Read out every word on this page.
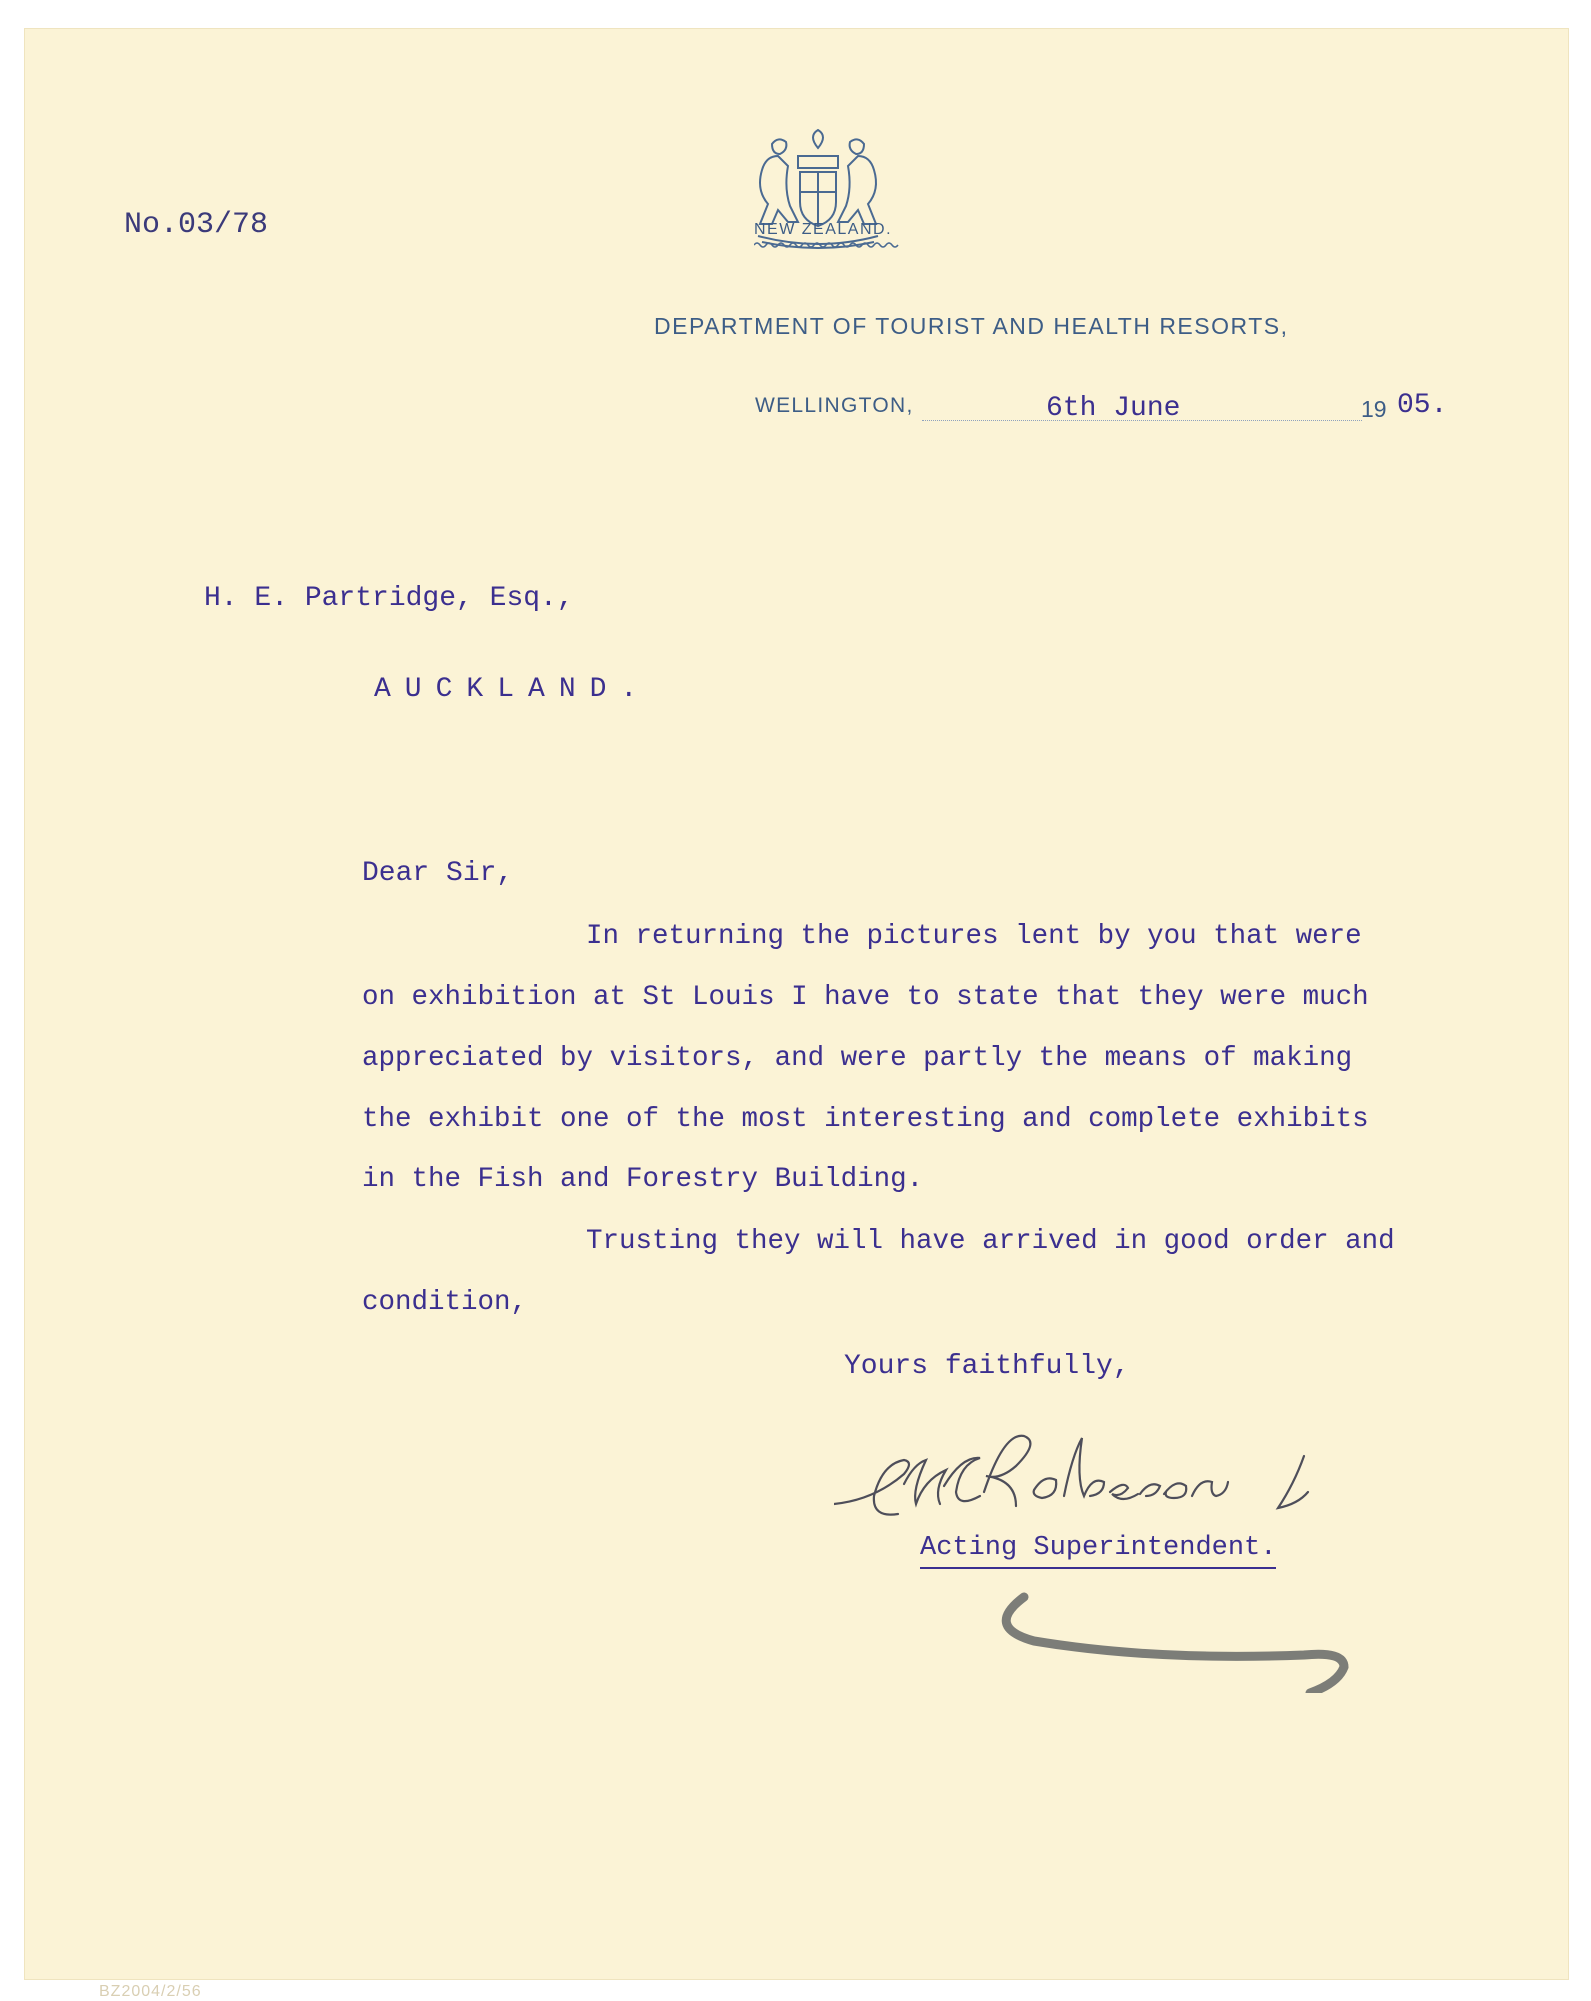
No.03/78	NEW ZEALAND.
DEPARTMENT OF TOURIST AND HEALTH RESORTS,
WELLINGTON,	6th June	19 05.
H. E. Partridge, Esq.,
AUCKLAND.
Dear Sir,
In returning the pictures lent by you that were
on exhibition at St Louis I have to state that they were much
appreciated by visitors, and were partly the means of making
the exhibit one of the most interesting and complete exhibits
in the Fish and Forestry Building.
Trusting they will have arrived in good order and
condition,
Yours faithfully,
Acting Superintendent.
BZ2004/2/56
